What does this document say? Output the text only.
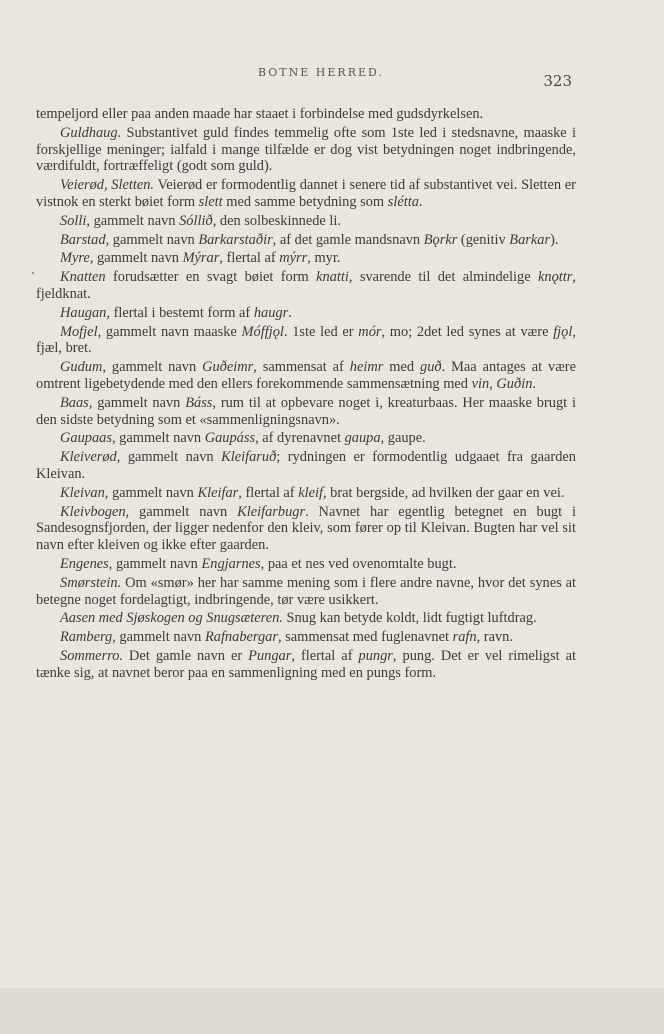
BOTNE HERRED.	323

tempeljord eller paa anden maade har staaet i forbindelse med gudsdyrkelsen.

Guldhaug. Substantivet guld findes temmelig ofte som 1ste led i stedsnavne, maaske i forskjellige meninger; ialfald i mange tilfælde er dog vist betydningen noget indbringende, værdifuldt, fortræffeligt (godt som guld).

Veierød, Sletten. Veierød er formodentlig dannet i senere tid af substantivet vei. Sletten er vistnok en sterkt bøiet form slett med samme betydning som slétta.

Solli, gammelt navn Sóllið, den solbeskinnede li.

Barstad, gammelt navn Barkarstaðir, af det gamle mandsnavn Bǫrkr (genitiv Barkar).

Myre, gammelt navn Mýrar, flertal af mýrr, myr.

Knatten forudsætter en svagt bøiet form knatti, svarende til det almindelige knǫttr, fjeldknat.

Haugan, flertal i bestemt form af haugr.

Mofjel, gammelt navn maaske Móffjǫl. 1ste led er mór, mo; 2det led synes at være fjǫl, fjæl, bret.

Gudum, gammelt navn Guðeimr, sammensat af heimr med guð. Maa antages at være omtrent ligebetydende med den ellers forekommende sammensætning med vin, Guðin.

Baas, gammelt navn Báss, rum til at opbevare noget i, kreaturbaas. Her maaske brugt i den sidste betydning som et «sammenligningsnavn».

Gaupaas, gammelt navn Gaupáss, af dyrenavnet gaupa, gaupe.

Kleiverød, gammelt navn Kleifaruð; rydningen er formodentlig udgaaet fra gaarden Kleivan.

Kleivan, gammelt navn Kleifar, flertal af kleif, brat bergside, ad hvilken der gaar en vei.

Kleivbogen, gammelt navn Kleifarbugr. Navnet har egentlig betegnet en bugt i Sandesognsfjorden, der ligger nedenfor den kleiv, som fører op til Kleivan. Bugten har vel sit navn efter kleiven og ikke efter gaarden.

Engenes, gammelt navn Engjarnes, paa et nes ved ovenomtalte bugt.

Smørstein. Om «smør» her har samme mening som i flere andre navne, hvor det synes at betegne noget fordelagtigt, indbringende, tør være usikkert.

Aasen med Sjøskogen og Snugsæteren. Snug kan betyde koldt, lidt fugtigt luftdrag.

Ramberg, gammelt navn Rafnabergar, sammensat med fuglenavnet rafn, ravn.

Sommerro. Det gamle navn er Pungar, flertal af pungr, pung. Det er vel rimeligst at tænke sig, at navnet beror paa en sammenligning med en pungs form.
